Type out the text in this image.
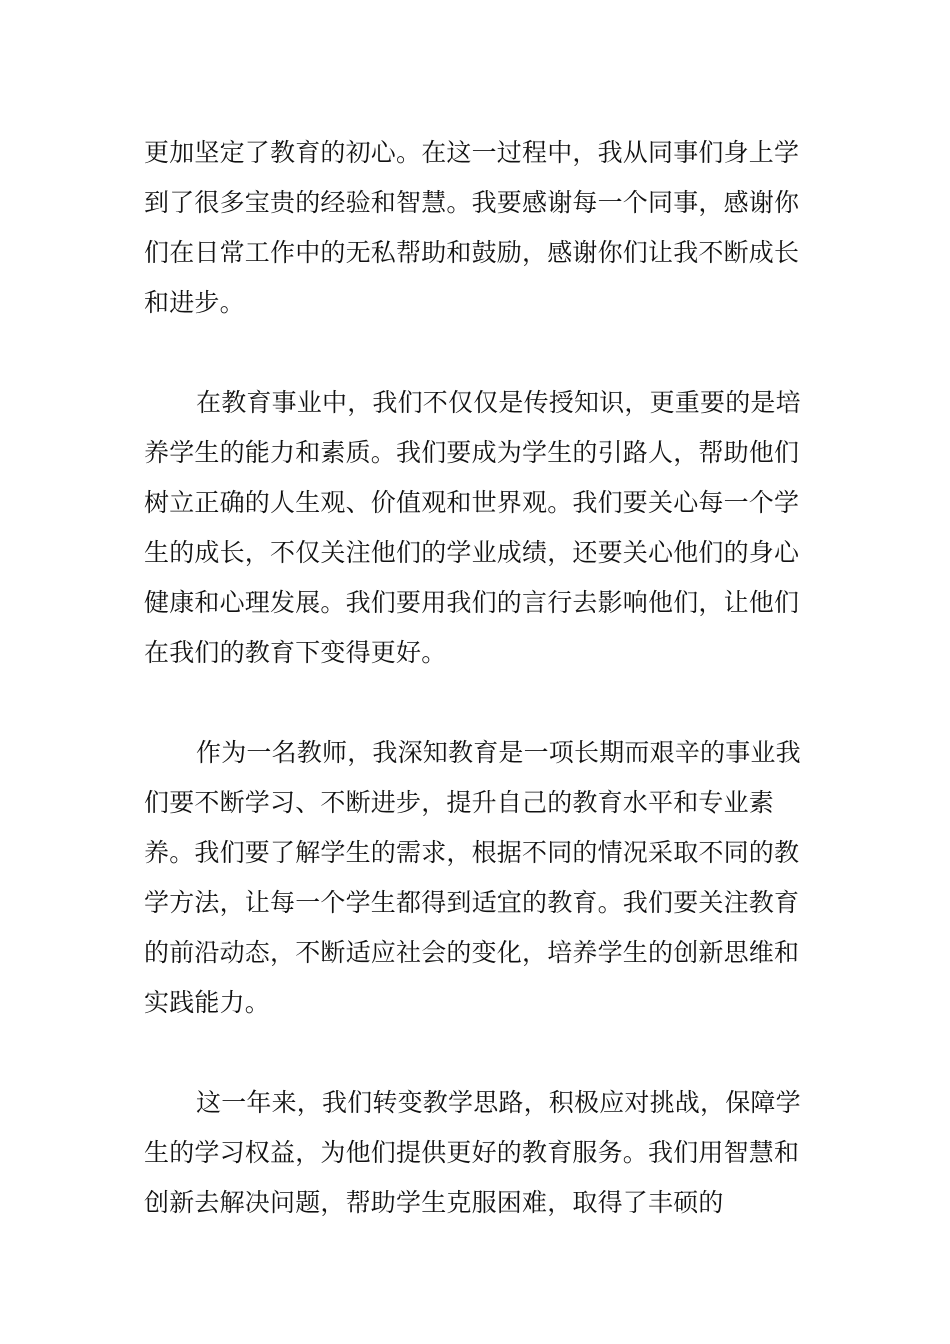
更加坚定了教育的初心。在这一过程中，我从同事们身上学到了很多宝贵的经验和智慧。我要感谢每一个同事，感谢你们在日常工作中的无私帮助和鼓励，感谢你们让我不断成长和进步。

在教育事业中，我们不仅仅是传授知识，更重要的是培养学生的能力和素质。我们要成为学生的引路人，帮助他们树立正确的人生观、价值观和世界观。我们要关心每一个学生的成长，不仅关注他们的学业成绩，还要关心他们的身心健康和心理发展。我们要用我们的言行去影响他们，让他们在我们的教育下变得更好。

作为一名教师，我深知教育是一项长期而艰辛的事业我们要不断学习、不断进步，提升自己的教育水平和专业素养。我们要了解学生的需求，根据不同的情况采取不同的教学方法，让每一个学生都得到适宜的教育。我们要关注教育的前沿动态，不断适应社会的变化，培养学生的创新思维和实践能力。

这一年来，我们转变教学思路，积极应对挑战，保障学生的学习权益，为他们提供更好的教育服务。我们用智慧和创新去解决问题，帮助学生克服困难，取得了丰硕的
